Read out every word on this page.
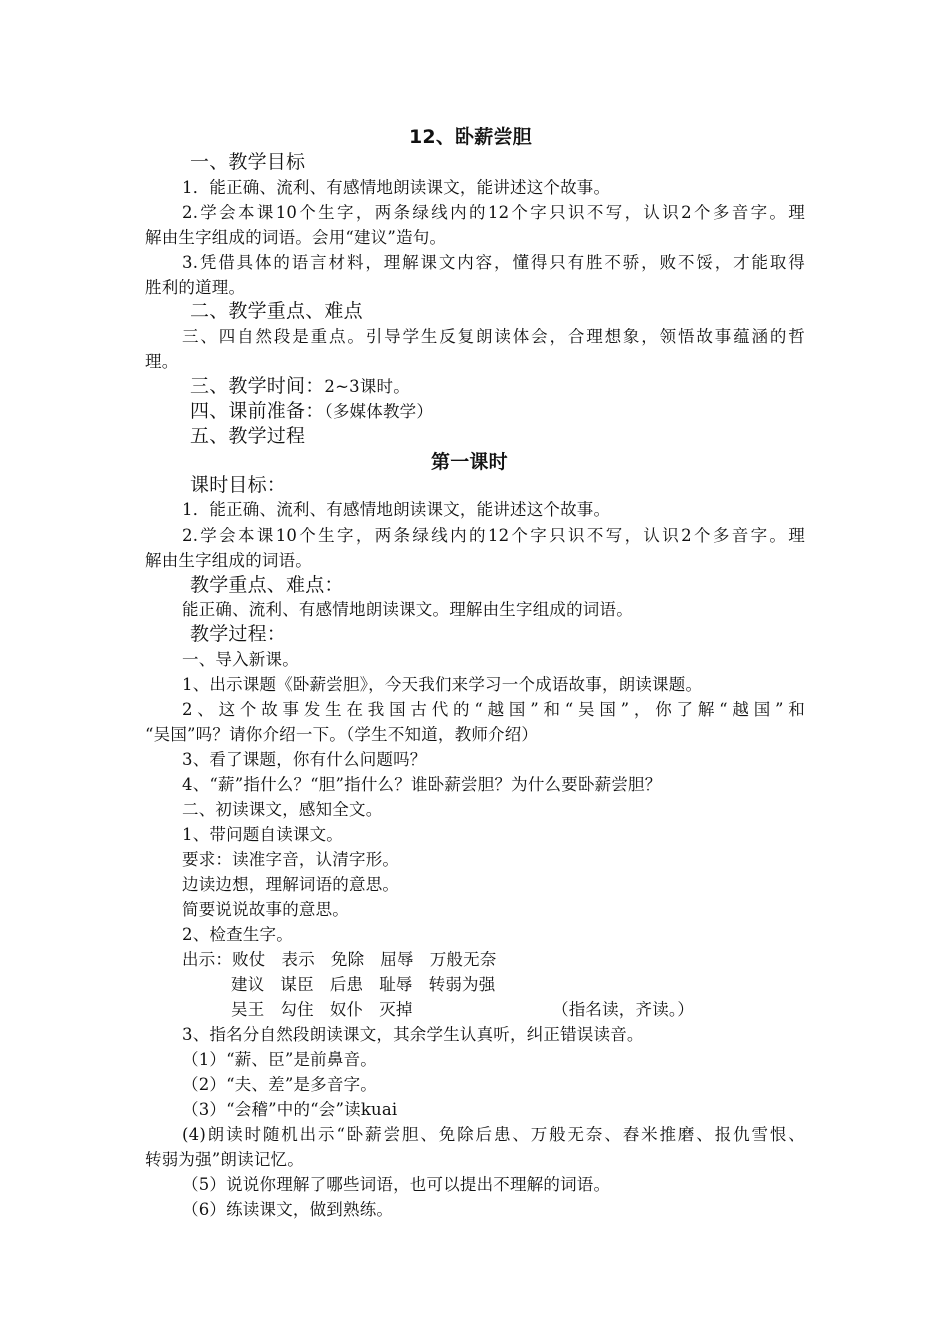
12、卧薪尝胆
一、教学目标
1．能正确、流利、有感情地朗读课文，能讲述这个故事。
2.学会本课10个生字，两条绿线内的12个字只识不写，认识2个多音字。理
解由生字组成的词语。会用“建议”造句。
3.凭借具体的语言材料，理解课文内容，懂得只有胜不骄，败不馁，才能取得
胜利的道理。
二、教学重点、难点
三、四自然段是重点。引导学生反复朗读体会，合理想象，领悟故事蕴涵的哲
理。
三、教学时间：2~3课时。
四、课前准备：（多媒体教学）
五、教学过程
第一课时
课时目标：
1．能正确、流利、有感情地朗读课文，能讲述这个故事。
2.学会本课10个生字，两条绿线内的12个字只识不写，认识2个多音字。理
解由生字组成的词语。
教学重点、难点：
能正确、流利、有感情地朗读课文。理解由生字组成的词语。
教学过程：
一、导入新课。
1、出示课题《卧薪尝胆》，今天我们来学习一个成语故事，朗读课题。
2、这个故事发生在我国古代的“越国”和“吴国”，你了解“越国”和
“吴国”吗？请你介绍一下。（学生不知道，教师介绍）
3、看了课题，你有什么问题吗？
4、“薪”指什么？“胆”指什么？谁卧薪尝胆？为什么要卧薪尝胆？
二、初读课文，感知全文。
1、带问题自读课文。
要求：读准字音，认清字形。
边读边想，理解词语的意思。
简要说说故事的意思。
2、检查生字。
出示：败仗 表示 免除 屈辱 万般无奈
建议 谋臣 后患 耻辱 转弱为强
吴王 勾住 奴仆 灭掉	（指名读，齐读。）
3、指名分自然段朗读课文，其余学生认真听，纠正错误读音。
（1）“薪、臣”是前鼻音。
（2）“夫、差”是多音字。
（3）“会稽”中的“会”读kuai
(4)朗读时随机出示“卧薪尝胆、免除后患、万般无奈、舂米推磨、报仇雪恨、
转弱为强”朗读记忆。
（5）说说你理解了哪些词语，也可以提出不理解的词语。
（6）练读课文，做到熟练。
